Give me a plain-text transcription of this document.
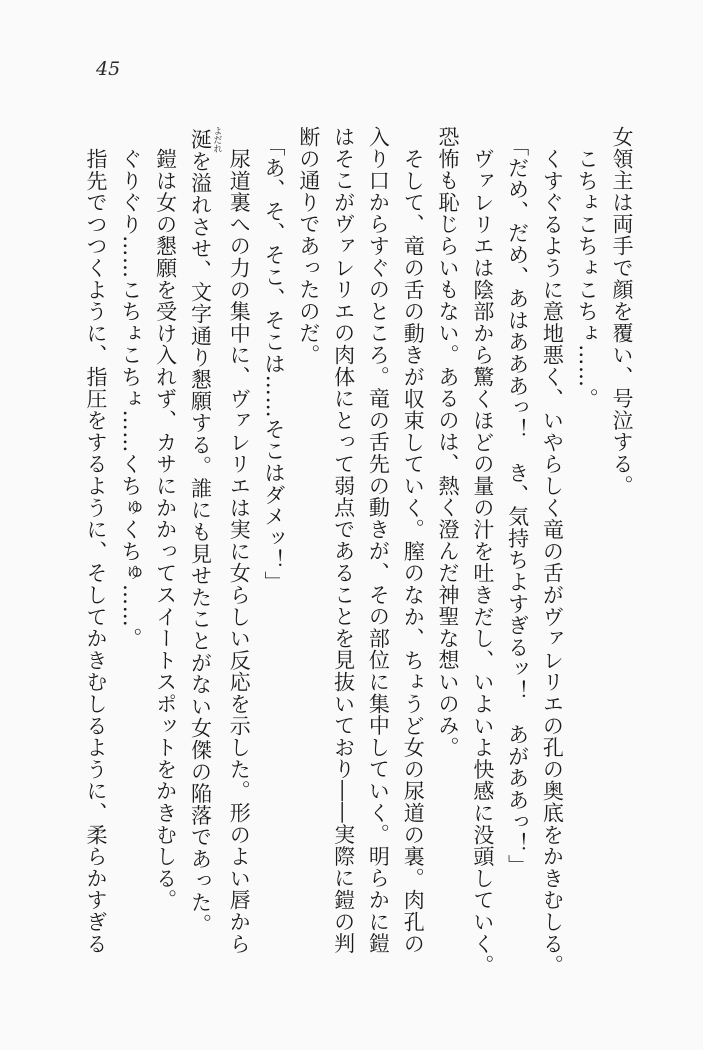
45
女領主は両手で顔を覆い、号泣する。
こちょこちょこちょ……。
くすぐるように意地悪く、いやらしく竜の舌がヴァレリエの孔の奥底をかきむしる。
「だめ、だめ、あはあああっ！　き、気持ちよすぎるッ！　あがああっ！」
ヴァレリエは陰部から驚くほどの量の汁を吐きだし、いよいよ快感に没頭していく。
恐怖も恥じらいもない。あるのは、熱く澄んだ神聖な想いのみ。
そして、竜の舌の動きが収束していく。膣のなか、ちょうど女の尿道の裏。肉孔の
入り口からすぐのところ。竜の舌先の動きが、その部位に集中していく。明らかに鎧
はそこがヴァレリエの肉体にとって弱点であることを見抜いており――実際に鎧の判
断の通りであったのだ。
「あ、そ、そこ、そこは……そこはダメッ！」
尿道裏への力の集中に、ヴァレリエは実に女らしい反応を示した。形のよい唇から
涎 よだれを溢れさせ、文字通り懇願する。誰にも見せたことがない女傑の陥落であった。
鎧は女の懇願を受け入れず、カサにかかってスイートスポットをかきむしる。
ぐりぐり……こちょこちょ……くちゅくちゅ……。
指先でつつくように、指圧をするように、そしてかきむしるように、柔らかすぎる
